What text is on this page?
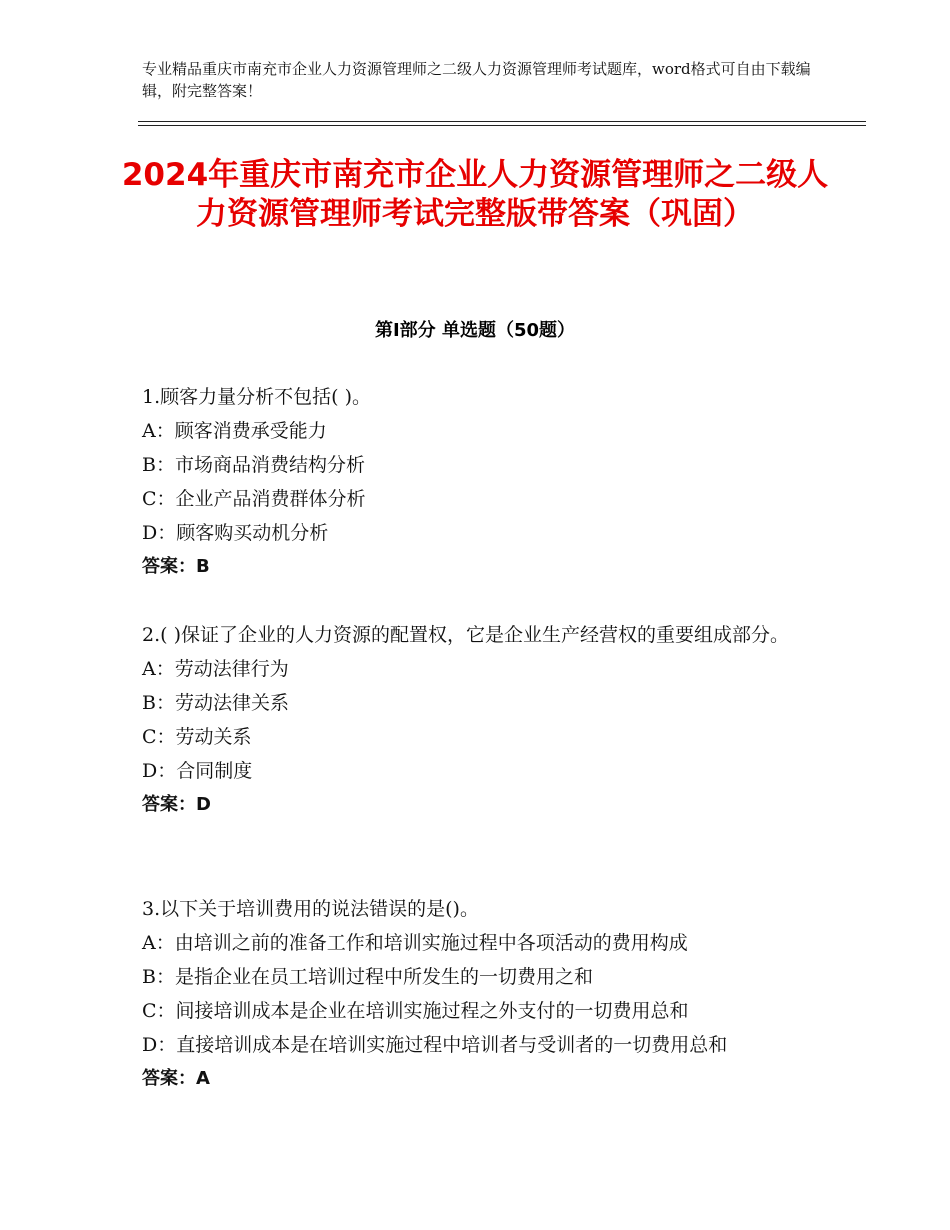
专业精品重庆市南充市企业人力资源管理师之二级人力资源管理师考试题库，word格式可自由下载编辑，附完整答案！
2024年重庆市南充市企业人力资源管理师之二级人力资源管理师考试完整版带答案（巩固）
第Ⅰ部分 单选题（50题）

1.顾客力量分析不包括( )。

A：顾客消费承受能力

B：市场商品消费结构分析

C：企业产品消费群体分析

D：顾客购买动机分析

答案：B

2.( )保证了企业的人力资源的配置权，它是企业生产经营权的重要组成部分。

A：劳动法律行为

B：劳动法律关系

C：劳动关系

D：合同制度

答案：D

3.以下关于培训费用的说法错误的是()。

A：由培训之前的准备工作和培训实施过程中各项活动的费用构成

B：是指企业在员工培训过程中所发生的一切费用之和

C：间接培训成本是企业在培训实施过程之外支付的一切费用总和

D：直接培训成本是在培训实施过程中培训者与受训者的一切费用总和

答案：A
